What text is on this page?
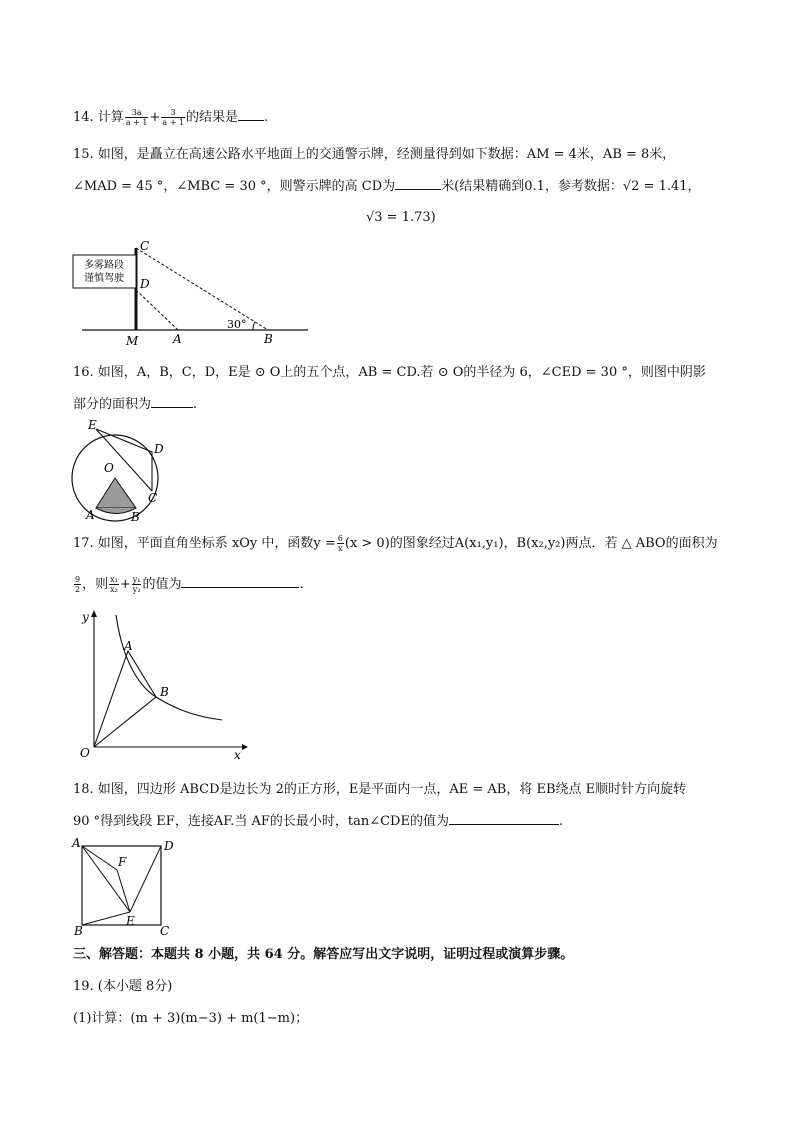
14. 计算 $\frac{3a}{a + 1} + \frac{3}{a + 1}$ 的结果是 .
15. 如图，是矗立在高速公路水平地面上的交通警示牌，经测量得到如下数据：AM = 4米，AB = 8米，
∠MAD = 45 °，∠MBC = 30 °，则警示牌的高 CD为	米(结果精确到0.1，参考数据：√2 = 1.41，
√3 = 1.73)
多雾路段
谨慎驾驶
C
D
M	A	B
30°
16. 如图，A，B，C，D，E是 ⊙ O上的五个点，AB = CD.若 ⊙ O的半径为 6，∠CED = 30 °，则图中阴影
部分的面积为	.
E
D
O
C
A	B
17. 如图，平面直角坐标系 xOy 中，函数$y = \frac{6}{x} (x > 0)$的图象经过A(x₁,y₁)，B(x₂,y₂)两点．若 △ ABO的面积为
$\frac{9}{2}$ ，则 $\frac{\text{x₁}}{\text{x₂}} + \frac{\text{y₁}}{\text{y₂}}$ 的值为	.
y
x
O
A
B
18. 如图，四边形 ABCD是边长为 2的正方形，E是平面内一点，AE = AB，将 EB绕点 E顺时针方向旋转
90 °得到线段 EF，连接AF.当 AF的长最小时，tan∠CDE的值为	.
A	D
F
E
B	C
三、解答题：本题共 8 小题，共 64 分。解答应写出文字说明，证明过程或演算步骤。
19. (本小题 8分)
(1)计算：(m + 3)(m−3) + m(1−m)；
